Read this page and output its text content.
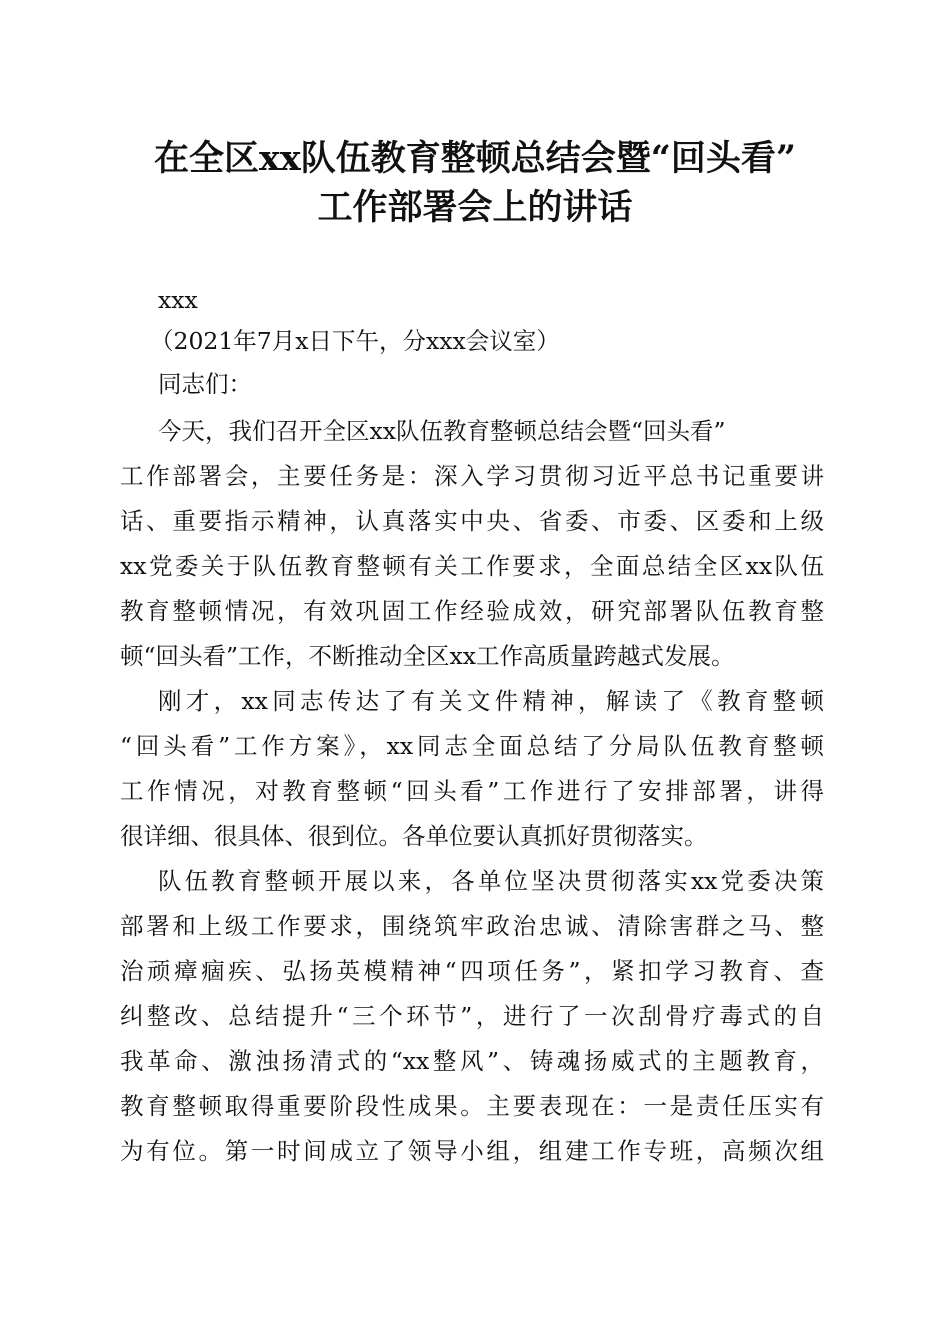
在全区xx队伍教育整顿总结会暨“回头看”
工作部署会上的讲话

xxx

（2021年7月x日下午，分xxx会议室）

同志们：

今天，我们召开全区xx队伍教育整顿总结会暨“回头看”

工作部署会，主要任务是：深入学习贯彻习近平总书记重要讲

话、重要指示精神，认真落实中央、省委、市委、区委和上级

xx党委关于队伍教育整顿有关工作要求，全面总结全区xx队伍

教育整顿情况，有效巩固工作经验成效，研究部署队伍教育整

顿“回头看”工作，不断推动全区xx工作高质量跨越式发展。

刚才，xx同志传达了有关文件精神，解读了《教育整顿

“回头看”工作方案》，xx同志全面总结了分局队伍教育整顿

工作情况，对教育整顿“回头看”工作进行了安排部署，讲得

很详细、很具体、很到位。各单位要认真抓好贯彻落实。

队伍教育整顿开展以来，各单位坚决贯彻落实xx党委决策

部署和上级工作要求，围绕筑牢政治忠诚、清除害群之马、整

治顽瘴痼疾、弘扬英模精神“四项任务”，紧扣学习教育、查

纠整改、总结提升“三个环节”，进行了一次刮骨疗毒式的自

我革命、激浊扬清式的“xx整风”、铸魂扬威式的主题教育，

教育整顿取得重要阶段性成果。主要表现在：一是责任压实有

为有位。第一时间成立了领导小组，组建工作专班，高频次组
